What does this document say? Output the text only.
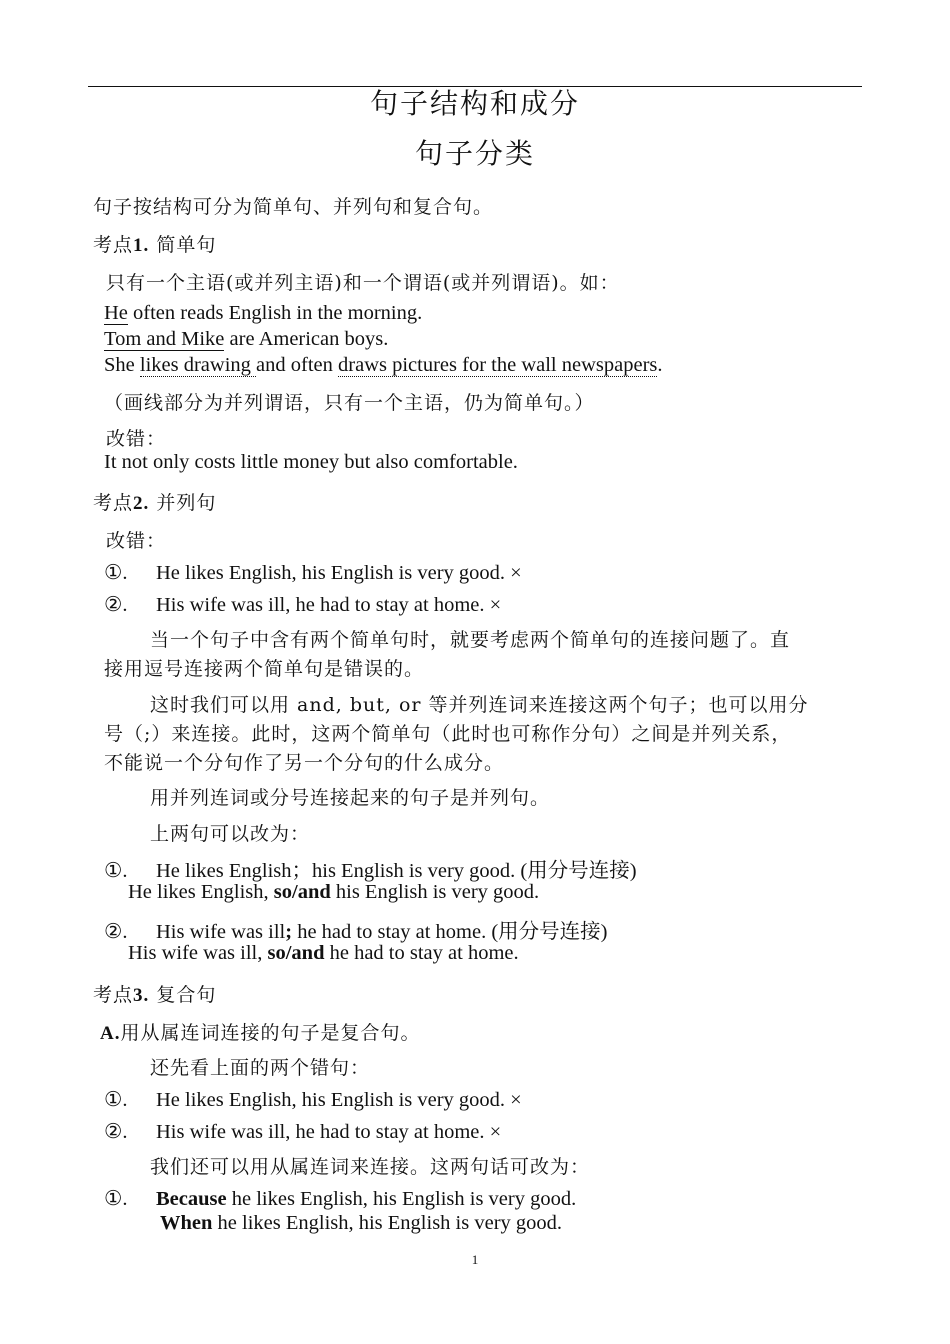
句子结构和成分
句子分类
句子按结构可分为简单句、并列句和复合句。
考点1. 简单句
只有一个主语(或并列主语)和一个谓语(或并列谓语)。如：
He often reads English in the morning.
Tom and Mike are American boys.
She likes drawing and often draws pictures for the wall newspapers.
（画线部分为并列谓语，只有一个主语，仍为简单句。）
改错：
It not only costs little money but also comfortable.
考点2. 并列句
改错：
①. He likes English, his English is very good. ×
②. His wife was ill, he had to stay at home. ×
当一个句子中含有两个简单句时，就要考虑两个简单句的连接问题了。直
接用逗号连接两个简单句是错误的。
这时我们可以用 and, but, or 等并列连词来连接这两个句子；也可以用分
号（;）来连接。此时，这两个简单句（此时也可称作分句）之间是并列关系，
不能说一个分句作了另一个分句的什么成分。
用并列连词或分号连接起来的句子是并列句。
上两句可以改为：
①. He likes English；his English is very good. (用分号连接)
He likes English, so/and his English is very good.
②. His wife was ill; he had to stay at home. (用分号连接)
His wife was ill, so/and he had to stay at home.
考点3. 复合句
A.用从属连词连接的句子是复合句。
还先看上面的两个错句：
①. He likes English, his English is very good. ×
②. His wife was ill, he had to stay at home. ×
我们还可以用从属连词来连接。这两句话可改为：
①. Because he likes English, his English is very good.
When he likes English, his English is very good.
1
